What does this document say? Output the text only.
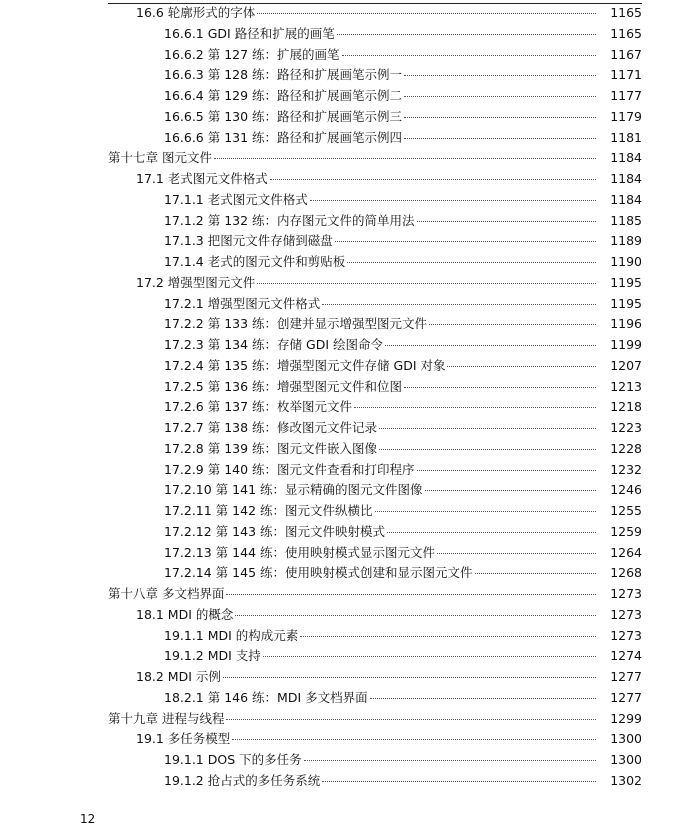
16.6 轮廓形式的字体	1165
16.6.1 GDI 路径和扩展的画笔	1165
16.6.2 第 127 练：扩展的画笔	1167
16.6.3 第 128 练：路径和扩展画笔示例一	1171
16.6.4 第 129 练：路径和扩展画笔示例二	1177
16.6.5 第 130 练：路径和扩展画笔示例三	1179
16.6.6 第 131 练：路径和扩展画笔示例四	1181
第十七章 图元文件	1184
17.1 老式图元文件格式	1184
17.1.1 老式图元文件格式	1184
17.1.2 第 132 练：内存图元文件的简单用法	1185
17.1.3 把图元文件存储到磁盘	1189
17.1.4 老式的图元文件和剪贴板	1190
17.2 增强型图元文件	1195
17.2.1 增强型图元文件格式	1195
17.2.2 第 133 练：创建并显示增强型图元文件	1196
17.2.3 第 134 练：存储 GDI 绘图命令	1199
17.2.4 第 135 练：增强型图元文件存储 GDI 对象	1207
17.2.5 第 136 练：增强型图元文件和位图	1213
17.2.6 第 137 练：枚举图元文件	1218
17.2.7 第 138 练：修改图元文件记录	1223
17.2.8 第 139 练：图元文件嵌入图像	1228
17.2.9 第 140 练：图元文件查看和打印程序	1232
17.2.10 第 141 练：显示精确的图元文件图像	1246
17.2.11 第 142 练：图元文件纵横比	1255
17.2.12 第 143 练：图元文件映射模式	1259
17.2.13 第 144 练：使用映射模式显示图元文件	1264
17.2.14 第 145 练：使用映射模式创建和显示图元文件	1268
第十八章 多文档界面	1273
18.1 MDI 的概念	1273
19.1.1 MDI 的构成元素	1273
19.1.2 MDI 支持	1274
18.2 MDI 示例	1277
18.2.1 第 146 练：MDI 多文档界面	1277
第十九章 进程与线程	1299
19.1 多任务模型	1300
19.1.1 DOS 下的多任务	1300
19.1.2 抢占式的多任务系统	1302
12
